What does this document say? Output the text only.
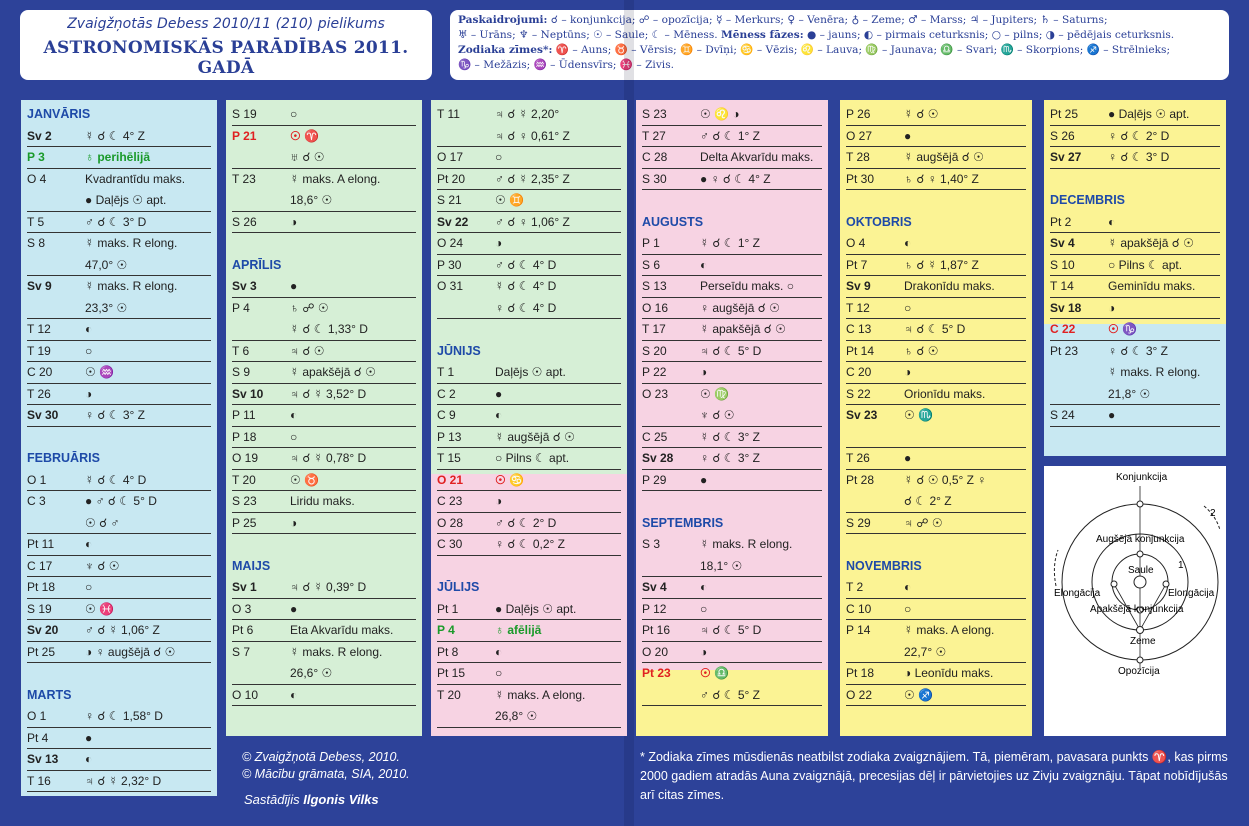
Zvaigžņotās Debess 2010/11 (210) pielikums
ASTRONOMISKĀS PARĀDĪBAS 2011. GADĀ
Paskaidrojumi: ☌ – konjunkcija; ☍ – opozīcija; ☿ – Merkurs; ♀ – Venēra; ♁ – Zeme; ♂ – Marss; ♃ – Jupiters; ♄ – Saturns;
♅ – Urāns; ♆ – Neptūns; ☉ – Saule; ☾ – Mēness. Mēness fāzes: ● – jauns; ◐ – pirmais ceturksnis; ○ – pilns; ◑ – pēdējais ceturksnis.
Zodiaka zīmes*: ♈ – Auns; ♉ – Vērsis; ♊ – Dvīņi; ♋ – Vēzis; ♌ – Lauva; ♍ – Jaunava; ♎ – Svari; ♏ – Skorpions; ♐ – Strēlnieks;
♑ – Mežāzis; ♒ – Ūdensvīrs; ♓ – Zivis.
JANVĀRIS
Sv 2	☿ ☌ ☾ 4° Z
P 3	♁ perihēlijā
O 4	Kvadrantīdu maks.
● Daļējs ☉ apt.
T 5	♂ ☌ ☾ 3° D
S 8	☿ maks. R elong.
47,0° ☉
Sv 9	☿ maks. R elong.
23,3° ☉
T 12	◐
T 19	○
C 20	☉ ♒
T 26	◑
Sv 30	♀ ☌ ☾ 3° Z
FEBRUĀRIS
O 1	☿ ☌ ☾ 4° D
C 3	● ♂ ☌ ☾ 5° D
☉ ☌ ♂
Pt 11	◐
C 17	♆ ☌ ☉
Pt 18	○
S 19	☉ ♓
Sv 20	♂ ☌ ☿ 1,06° Z
Pt 25	◑ ♀ augšējā ☌ ☉
MARTS
O 1	♀ ☌ ☾ 1,58° D
Pt 4	●
Sv 13	◐
T 16	♃ ☌ ☿ 2,32° D
S 19	○
P 21	☉ ♈
♅ ☌ ☉
T 23	☿ maks. A elong.
18,6° ☉
S 26	◑
APRĪLIS
Sv 3	●
P 4	♄ ☍ ☉
☿ ☌ ☾ 1,33° D
T 6	♃ ☌ ☉
S 9	☿ apakšējā ☌ ☉
Sv 10	♃ ☌ ☿ 3,52° D
P 11	◐
P 18	○
O 19	♃ ☌ ☿ 0,78° D
T 20	☉ ♉
S 23	Liridu maks.
P 25	◑
MAIJS
Sv 1	♃ ☌ ☿ 0,39° D
O 3	●
Pt 6	Eta Akvarīdu maks.
S 7	☿ maks. R elong.
26,6° ☉
O 10	◐
T 11	♃ ☌ ☿ 2,20°
♃ ☌ ♀ 0,61° Z
O 17	○
Pt 20	♂ ☌ ☿ 2,35° Z
S 21	☉ ♊
Sv 22	♂ ☌ ♀ 1,06° Z
O 24	◑
P 30	♂ ☌ ☾ 4° D
O 31	☿ ☌ ☾ 4° D
♀ ☌ ☾ 4° D
JŪNIJS
T 1	Daļējs ☉ apt.
C 2	●
C 9	◐
P 13	☿ augšējā ☌ ☉
T 15	○ Pilns ☾ apt.
O 21	☉ ♋
C 23	◑
O 28	♂ ☌ ☾ 2° D
C 30	♀ ☌ ☾ 0,2° Z
JŪLIJS
Pt 1	● Daļējs ☉ apt.
P 4	♁ afēlijā
Pt 8	◐
Pt 15	○
T 20	☿ maks. A elong.
26,8° ☉
S 23	☉ ♌ ◑
T 27	♂ ☌ ☾ 1° Z
C 28	Delta Akvarīdu maks.
S 30	● ♀ ☌ ☾ 4° Z
AUGUSTS
P 1	☿ ☌ ☾ 1° Z
S 6	◐
S 13	Perseīdu maks. ○
O 16	♀ augšējā ☌ ☉
T 17	☿ apakšējā ☌ ☉
S 20	♃ ☌ ☾ 5° D
P 22	◑
O 23	☉ ♍
♆ ☌ ☉
C 25	☿ ☌ ☾ 3° Z
Sv 28	♀ ☌ ☾ 3° Z
P 29	●
SEPTEMBRIS
S 3	☿ maks. R elong.
18,1° ☉
Sv 4	◐
P 12	○
Pt 16	♃ ☌ ☾ 5° D
O 20	◑
Pt 23	☉ ♎
♂ ☌ ☾ 5° Z
P 26	☿ ☌ ☉
O 27	●
T 28	☿ augšējā ☌ ☉
Pt 30	♄ ☌ ♀ 1,40° Z
OKTOBRIS
O 4	◐
Pt 7	♄ ☌ ☿ 1,87° Z
Sv 9	Drakonīdu maks.
T 12	○
C 13	♃ ☌ ☾ 5° D
Pt 14	♄ ☌ ☉
C 20	◑
S 22	Orionīdu maks.
Sv 23	☉ ♏
T 26	●
Pt 28	☿ ☌ ☉ 0,5° Z ♀
☌ ☾ 2° Z
S 29	♃ ☍ ☉
NOVEMBRIS
T 2	◐
C 10	○
P 14	☿ maks. A elong.
22,7° ☉
Pt 18	◑ Leonīdu maks.
O 22	☉ ♐
Pt 25	● Daļējs ☉ apt.
S 26	♀ ☌ ☾ 2° D
Sv 27	♀ ☌ ☾ 3° D
DECEMBRIS
Pt 2	◐
Sv 4	☿ apakšējā ☌ ☉
S 10	○ Pilns ☾ apt.
T 14	Geminīdu maks.
Sv 18	◑
C 22	☉ ♑
Pt 23	♀ ☌ ☾ 3° Z
☿ maks. R elong.
21,8° ☉
S 24	●
Konjunkcija
Augšējā konjunkcija
Saule
Elongācija	Elongācija
Apakšējā konjunkcija
Zeme
Opozīcija
1
2
1 – iekšējā planēta
2 – ārējā planēta
© Zvaigžņotā Debess, 2010.
© Mācību grāmata, SIA, 2010.
Sastādījis Ilgonis Vilks
* Zodiaka zīmes mūsdienās neatbilst zodiaka zvaigznājiem. Tā, piemēram, pavasara punkts ♈, kas pirms 2000 gadiem atradās Auna zvaigznājā, precesijas dēļ ir pārvietojies uz Zivju zvaigznāju. Tāpat nobīdījušās arī citas zīmes.
